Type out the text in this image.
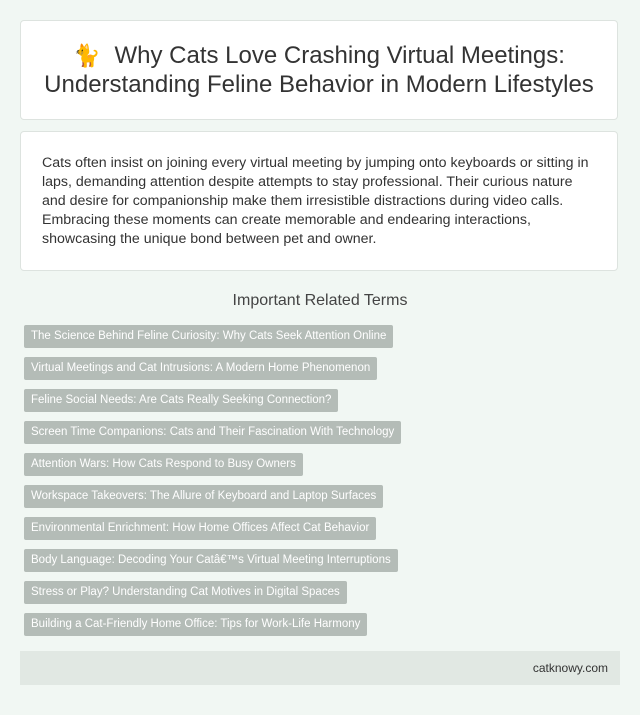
🐈 Why Cats Love Crashing Virtual Meetings: Understanding Feline Behavior in Modern Lifestyles

Cats often insist on joining every virtual meeting by jumping onto keyboards or sitting in laps, demanding attention despite attempts to stay professional. Their curious nature and desire for companionship make them irresistible distractions during video calls. Embracing these moments can create memorable and endearing interactions, showcasing the unique bond between pet and owner.

Important Related Terms
The Science Behind Feline Curiosity: Why Cats Seek Attention Online
Virtual Meetings and Cat Intrusions: A Modern Home Phenomenon
Feline Social Needs: Are Cats Really Seeking Connection?
Screen Time Companions: Cats and Their Fascination With Technology
Attention Wars: How Cats Respond to Busy Owners
Workspace Takeovers: The Allure of Keyboard and Laptop Surfaces
Environmental Enrichment: How Home Offices Affect Cat Behavior
Body Language: Decoding Your Catâ€™s Virtual Meeting Interruptions
Stress or Play? Understanding Cat Motives in Digital Spaces
Building a Cat-Friendly Home Office: Tips for Work-Life Harmony
catknowy.com
